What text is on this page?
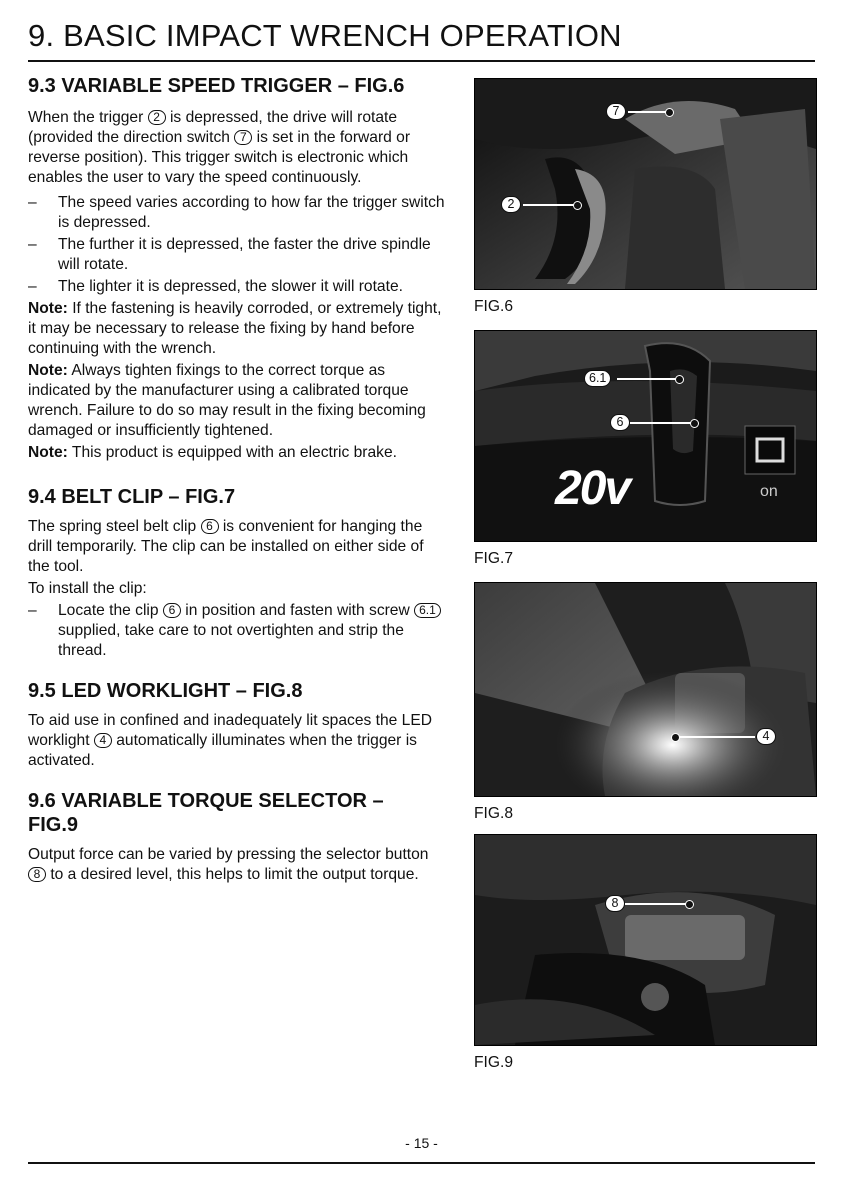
9. BASIC IMPACT WRENCH OPERATION
9.3 VARIABLE SPEED TRIGGER – FIG.6

When the trigger 2 is depressed, the drive will rotate (provided the direction switch 7 is set in the forward or reverse position). This trigger switch is electronic which enables the user to vary the speed continuously.

– The speed varies according to how far the trigger switch is depressed.
– The further it is depressed, the faster the drive spindle will rotate.
– The lighter it is depressed, the slower it will rotate.

Note: If the fastening is heavily corroded, or extremely tight, it may be necessary to release the fixing by hand before continuing with the wrench.

Note: Always tighten fixings to the correct torque as indicated by the manufacturer using a calibrated torque wrench. Failure to do so may result in the fixing becoming damaged or insufficiently tightened.

Note: This product is equipped with an electric brake.

9.4 BELT CLIP – FIG.7

The spring steel belt clip 6 is convenient for hanging the drill temporarily. The clip can be installed on either side of the tool.

To install the clip:

– Locate the clip 6 in position and fasten with screw 6.1 supplied, take care to not overtighten and strip the thread.
9.5 LED WORKLIGHT – FIG.8

To aid use in confined and inadequately lit spaces the LED worklight 4 automatically illuminates when the trigger is activated.

9.6 VARIABLE TORQUE SELECTOR –
FIG.9

Output force can be varied by pressing the selector button 8 to a desired level, this helps to limit the output torque.

7
2
FIG.6
20v	on
6.1
6
FIG.7
4
FIG.8
8
FIG.9
- 15 -
